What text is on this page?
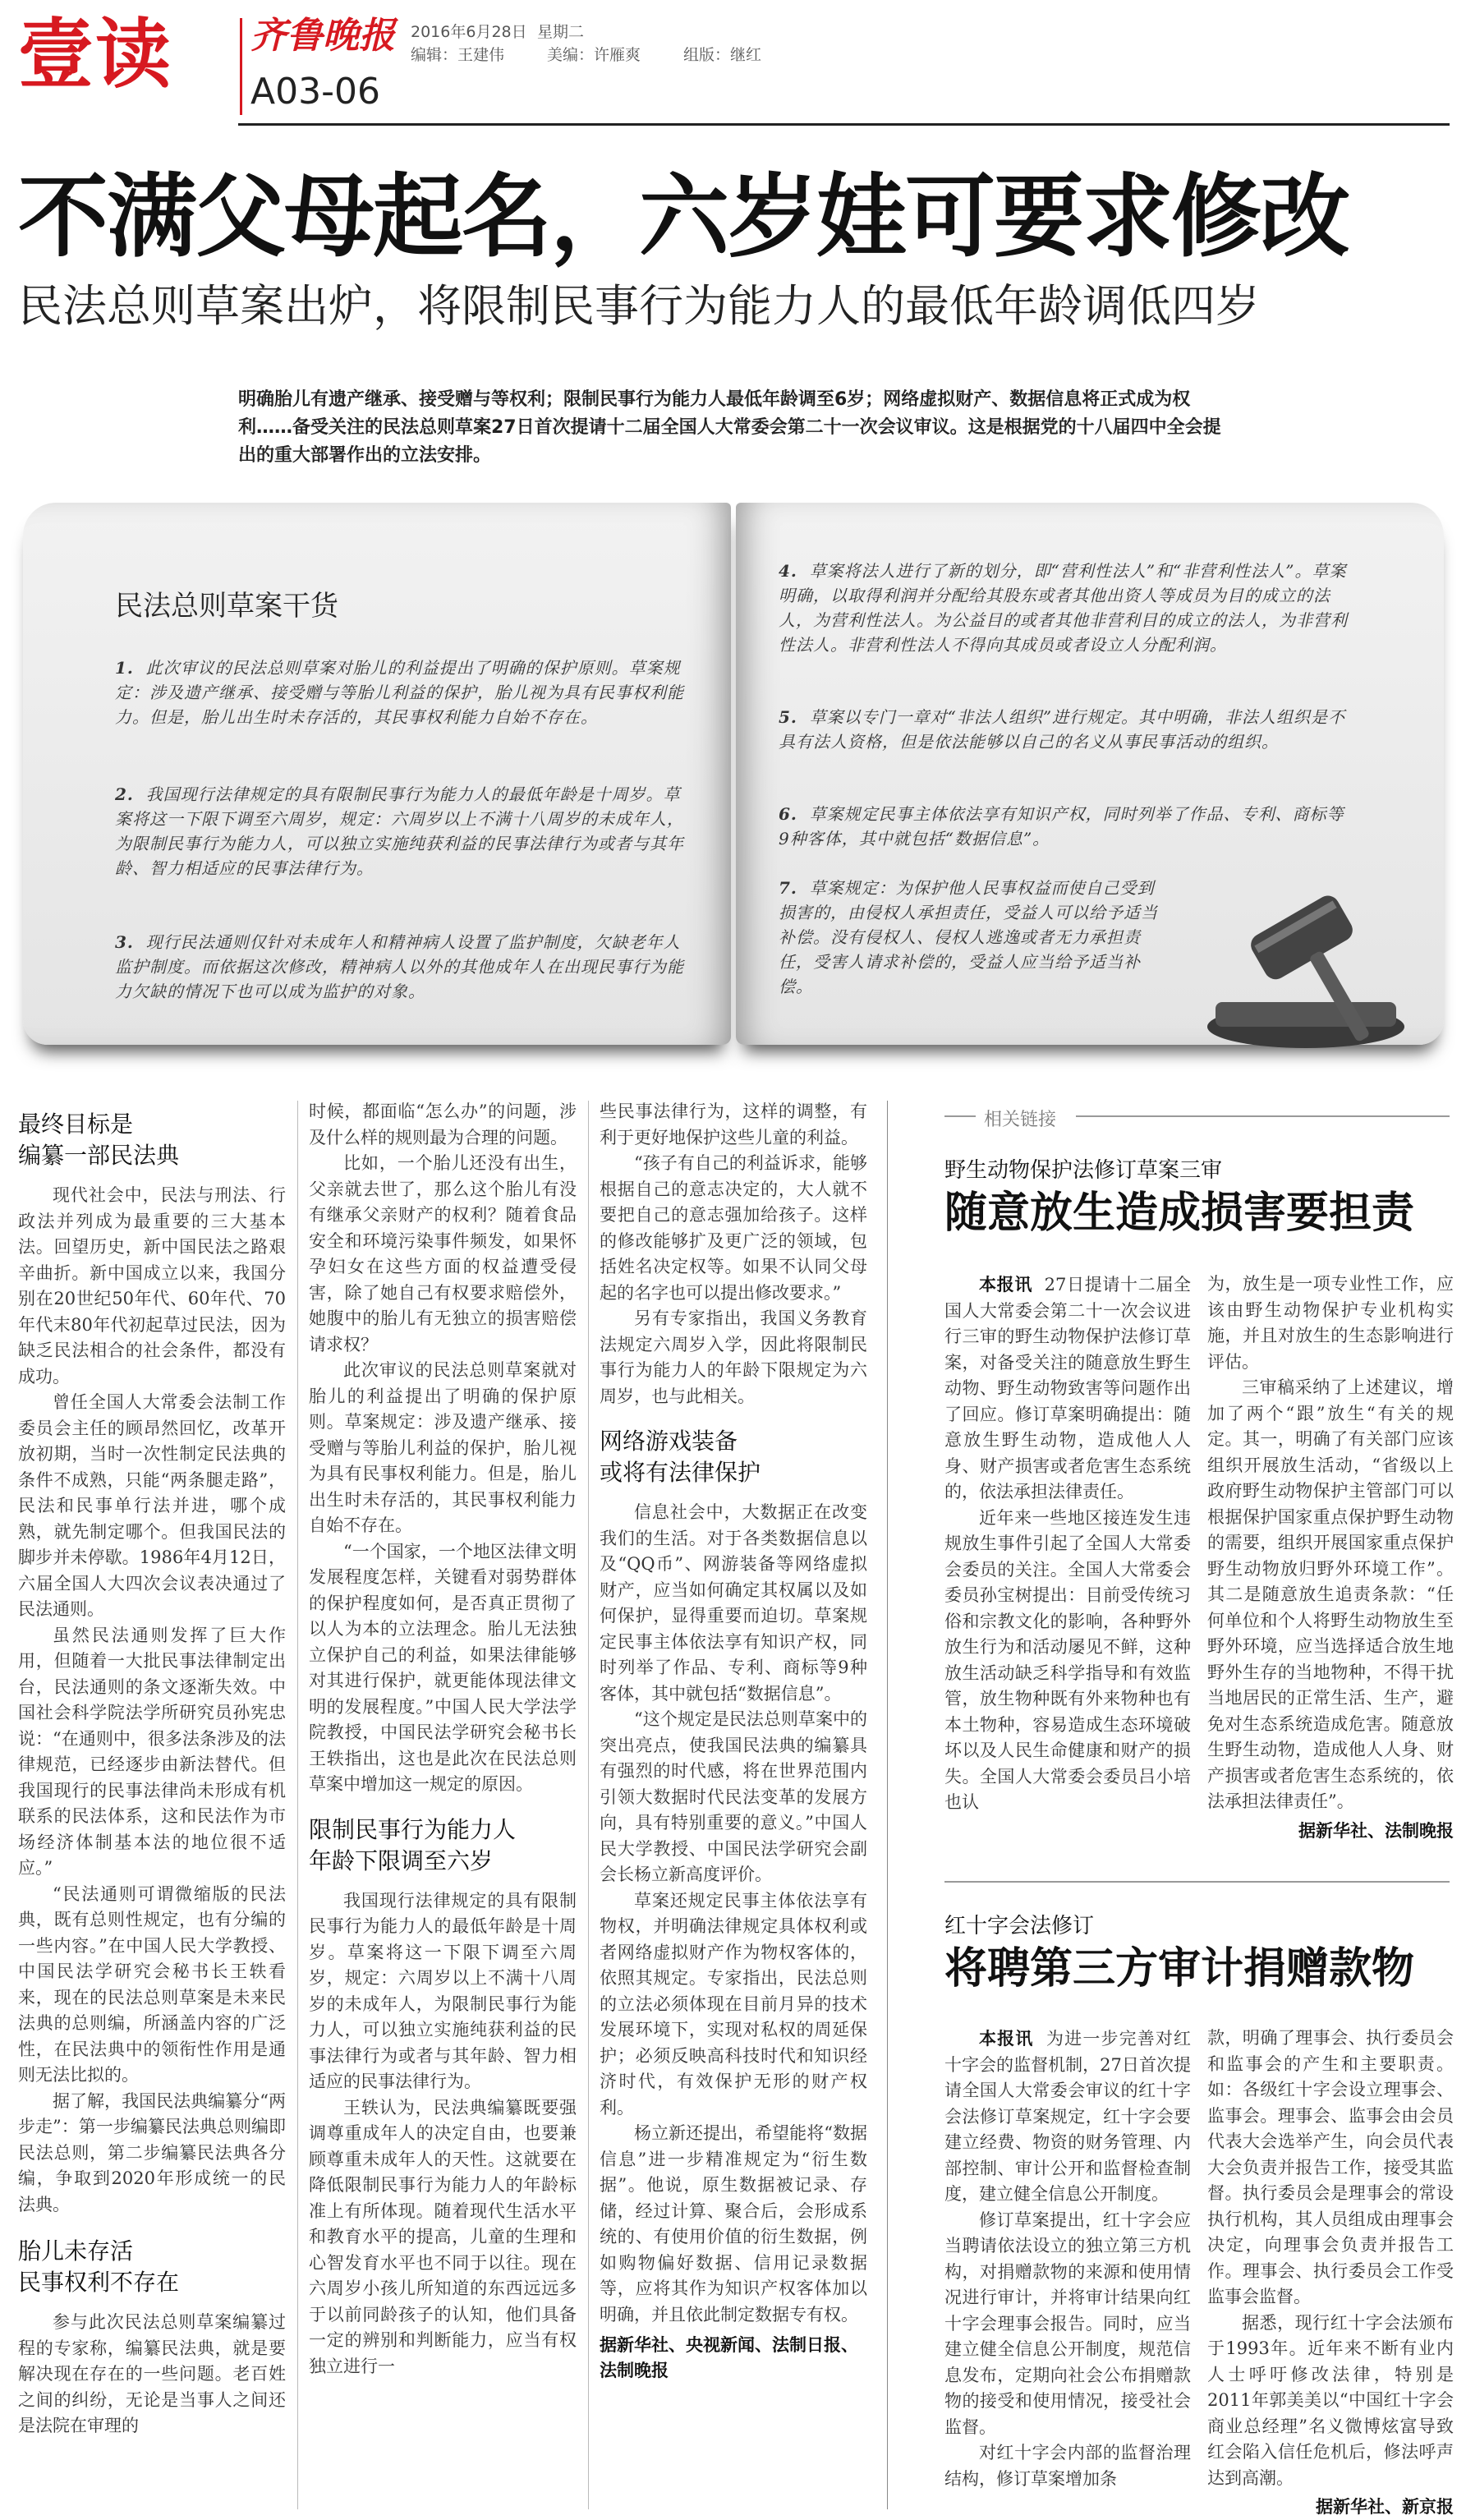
壹读 齐鲁晚报
A03-06
2016年6月28日 星期二
编辑：王建伟	美编：许雁爽	组版：继红
不满父母起名，六岁娃可要求修改
民法总则草案出炉，将限制民事行为能力人的最低年龄调低四岁
明确胎儿有遗产继承、接受赠与等权利；限制民事行为能力人最低年龄调至6岁；网络虚拟财产、数据信息将正式成为权利……备受关注的民法总则草案27日首次提请十二届全国人大常委会第二十一次会议审议。这是根据党的十八届四中全会提出的重大部署作出的立法安排。
民法总则草案干货
1. 此次审议的民法总则草案对胎儿的利益提出了明确的保护原则。草案规定：涉及遗产继承、接受赠与等胎儿利益的保护，胎儿视为具有民事权利能力。但是，胎儿出生时未存活的，其民事权利能力自始不存在。
2. 我国现行法律规定的具有限制民事行为能力人的最低年龄是十周岁。草案将这一下限下调至六周岁，规定：六周岁以上不满十八周岁的未成年人，为限制民事行为能力人，可以独立实施纯获利益的民事法律行为或者与其年龄、智力相适应的民事法律行为。
3. 现行民法通则仅针对未成年人和精神病人设置了监护制度，欠缺老年人监护制度。而依据这次修改，精神病人以外的其他成年人在出现民事行为能力欠缺的情况下也可以成为监护的对象。
4. 草案将法人进行了新的划分，即“营利性法人”和“非营利性法人”。草案明确，以取得利润并分配给其股东或者其他出资人等成员为目的成立的法人，为营利性法人。为公益目的或者其他非营利目的成立的法人，为非营利性法人。非营利性法人不得向其成员或者设立人分配利润。
5. 草案以专门一章对“非法人组织”进行规定。其中明确，非法人组织是不具有法人资格，但是依法能够以自己的名义从事民事活动的组织。
6. 草案规定民事主体依法享有知识产权，同时列举了作品、专利、商标等9种客体，其中就包括“数据信息”。
7. 草案规定：为保护他人民事权益而使自己受到损害的，由侵权人承担责任，受益人可以给予适当补偿。没有侵权人、侵权人逃逸或者无力承担责任，受害人请求补偿的，受益人应当给予适当补偿。
最终目标是
编纂一部民法典

现代社会中，民法与刑法、行政法并列成为最重要的三大基本法。回望历史，新中国民法之路艰辛曲折。新中国成立以来，我国分别在20世纪50年代、60年代、70年代末80年代初起草过民法，因为缺乏民法相合的社会条件，都没有成功。

曾任全国人大常委会法制工作委员会主任的顾昂然回忆，改革开放初期，当时一次性制定民法典的条件不成熟，只能“两条腿走路”，民法和民事单行法并进，哪个成熟，就先制定哪个。但我国民法的脚步并未停歇。1986年4月12日，六届全国人大四次会议表决通过了民法通则。

虽然民法通则发挥了巨大作用，但随着一大批民事法律制定出台，民法通则的条文逐渐失效。中国社会科学院法学所研究员孙宪忠说：“在通则中，很多法条涉及的法律规范，已经逐步由新法替代。但我国现行的民事法律尚未形成有机联系的民法体系，这和民法作为市场经济体制基本法的地位很不适应。”

“民法通则可谓微缩版的民法典，既有总则性规定，也有分编的一些内容。”在中国人民大学教授、中国民法学研究会秘书长王轶看来，现在的民法总则草案是未来民法典的总则编，所涵盖内容的广泛性，在民法典中的领衔性作用是通则无法比拟的。

据了解，我国民法典编纂分“两步走”：第一步编纂民法典总则编即民法总则，第二步编纂民法典各分编，争取到2020年形成统一的民法典。

胎儿未存活
民事权利不存在

参与此次民法总则草案编纂过程的专家称，编纂民法典，就是要解决现在存在的一些问题。老百姓之间的纠纷，无论是当事人之间还是法院在审理的

时候，都面临“怎么办”的问题，涉及什么样的规则最为合理的问题。

比如，一个胎儿还没有出生，父亲就去世了，那么这个胎儿有没有继承父亲财产的权利？随着食品安全和环境污染事件频发，如果怀孕妇女在这些方面的权益遭受侵害，除了她自己有权要求赔偿外，她腹中的胎儿有无独立的损害赔偿请求权？

此次审议的民法总则草案就对胎儿的利益提出了明确的保护原则。草案规定：涉及遗产继承、接受赠与等胎儿利益的保护，胎儿视为具有民事权利能力。但是，胎儿出生时未存活的，其民事权利能力自始不存在。

“一个国家，一个地区法律文明发展程度怎样，关键看对弱势群体的保护程度如何，是否真正贯彻了以人为本的立法理念。胎儿无法独立保护自己的利益，如果法律能够对其进行保护，就更能体现法律文明的发展程度。”中国人民大学法学院教授，中国民法学研究会秘书长王轶指出，这也是此次在民法总则草案中增加这一规定的原因。

限制民事行为能力人
年龄下限调至六岁

我国现行法律规定的具有限制民事行为能力人的最低年龄是十周岁。草案将这一下限下调至六周岁，规定：六周岁以上不满十八周岁的未成年人，为限制民事行为能力人，可以独立实施纯获利益的民事法律行为或者与其年龄、智力相适应的民事法律行为。

王轶认为，民法典编纂既要强调尊重成年人的决定自由，也要兼顾尊重未成年人的天性。这就要在降低限制民事行为能力人的年龄标准上有所体现。随着现代生活水平和教育水平的提高，儿童的生理和心智发育水平也不同于以往。现在六周岁小孩儿所知道的东西远远多于以前同龄孩子的认知，他们具备一定的辨别和判断能力，应当有权独立进行一

些民事法律行为，这样的调整，有利于更好地保护这些儿童的利益。

“孩子有自己的利益诉求，能够根据自己的意志决定的，大人就不要把自己的意志强加给孩子。这样的修改能够扩及更广泛的领域，包括姓名决定权等。如果不认同父母起的名字也可以提出修改要求。”

另有专家指出，我国义务教育法规定六周岁入学，因此将限制民事行为能力人的年龄下限规定为六周岁，也与此相关。

网络游戏装备
或将有法律保护

信息社会中，大数据正在改变我们的生活。对于各类数据信息以及“QQ币”、网游装备等网络虚拟财产，应当如何确定其权属以及如何保护，显得重要而迫切。草案规定民事主体依法享有知识产权，同时列举了作品、专利、商标等9种客体，其中就包括“数据信息”。

“这个规定是民法总则草案中的突出亮点，使我国民法典的编纂具有强烈的时代感，将在世界范围内引领大数据时代民法变革的发展方向，具有特别重要的意义。”中国人民大学教授、中国民法学研究会副会长杨立新高度评价。

草案还规定民事主体依法享有物权，并明确法律规定具体权利或者网络虚拟财产作为物权客体的，依照其规定。专家指出，民法总则的立法必须体现在目前月异的技术发展环境下，实现对私权的周延保护；必须反映高科技时代和知识经济时代，有效保护无形的财产权利。

杨立新还提出，希望能将“数据信息”进一步精准规定为“衍生数据”。他说，原生数据被记录、存储，经过计算、聚合后，会形成系统的、有使用价值的衍生数据，例如购物偏好数据、信用记录数据等，应将其作为知识产权客体加以明确，并且依此制定数据专有权。

据新华社、央视新闻、法制日报、法制晚报
相关链接
野生动物保护法修订草案三审
随意放生造成损害要担责

本报讯 27日提请十二届全国人大常委会第二十一次会议进行三审的野生动物保护法修订草案，对备受关注的随意放生野生动物、野生动物致害等问题作出了回应。修订草案明确提出：随意放生野生动物，造成他人人身、财产损害或者危害生态系统的，依法承担法律责任。

近年来一些地区接连发生违规放生事件引起了全国人大常委会委员的关注。全国人大常委会委员孙宝树提出：目前受传统习俗和宗教文化的影响，各种野外放生行为和活动屡见不鲜，这种放生活动缺乏科学指导和有效监管，放生物种既有外来物种也有本土物种，容易造成生态环境破坏以及人民生命健康和财产的损失。全国人大常委会委员吕小培也认

为，放生是一项专业性工作，应该由野生动物保护专业机构实施，并且对放生的生态影响进行评估。

三审稿采纳了上述建议，增加了两个“跟”放生“有关的规定。其一，明确了有关部门应该组织开展放生活动，“省级以上政府野生动物保护主管部门可以根据保护国家重点保护野生动物的需要，组织开展国家重点保护野生动物放归野外环境工作”。其二是随意放生追责条款：“任何单位和个人将野生动物放生至野外环境，应当选择适合放生地野外生存的当地物种，不得干扰当地居民的正常生活、生产，避免对生态系统造成危害。随意放生野生动物，造成他人人身、财产损害或者危害生态系统的，依法承担法律责任”。

据新华社、法制晚报
红十字会法修订
将聘第三方审计捐赠款物

本报讯 为进一步完善对红十字会的监督机制，27日首次提请全国人大常委会审议的红十字会法修订草案规定，红十字会要建立经费、物资的财务管理、内部控制、审计公开和监督检查制度，建立健全信息公开制度。

修订草案提出，红十字会应当聘请依法设立的独立第三方机构，对捐赠款物的来源和使用情况进行审计，并将审计结果向红十字会理事会报告。同时，应当建立健全信息公开制度，规范信息发布，定期向社会公布捐赠款物的接受和使用情况，接受社会监督。

对红十字会内部的监督治理结构，修订草案增加条

款，明确了理事会、执行委员会和监事会的产生和主要职责。如：各级红十字会设立理事会、监事会。理事会、监事会由会员代表大会选举产生，向会员代表大会负责并报告工作，接受其监督。执行委员会是理事会的常设执行机构，其人员组成由理事会决定，向理事会负责并报告工作。理事会、执行委员会工作受监事会监督。

据悉，现行红十字会法颁布于1993年。近年来不断有业内人士呼吁修改法律，特别是2011年郭美美以“中国红十字会商业总经理”名义微博炫富导致红会陷入信任危机后，修法呼声达到高潮。

据新华社、新京报
